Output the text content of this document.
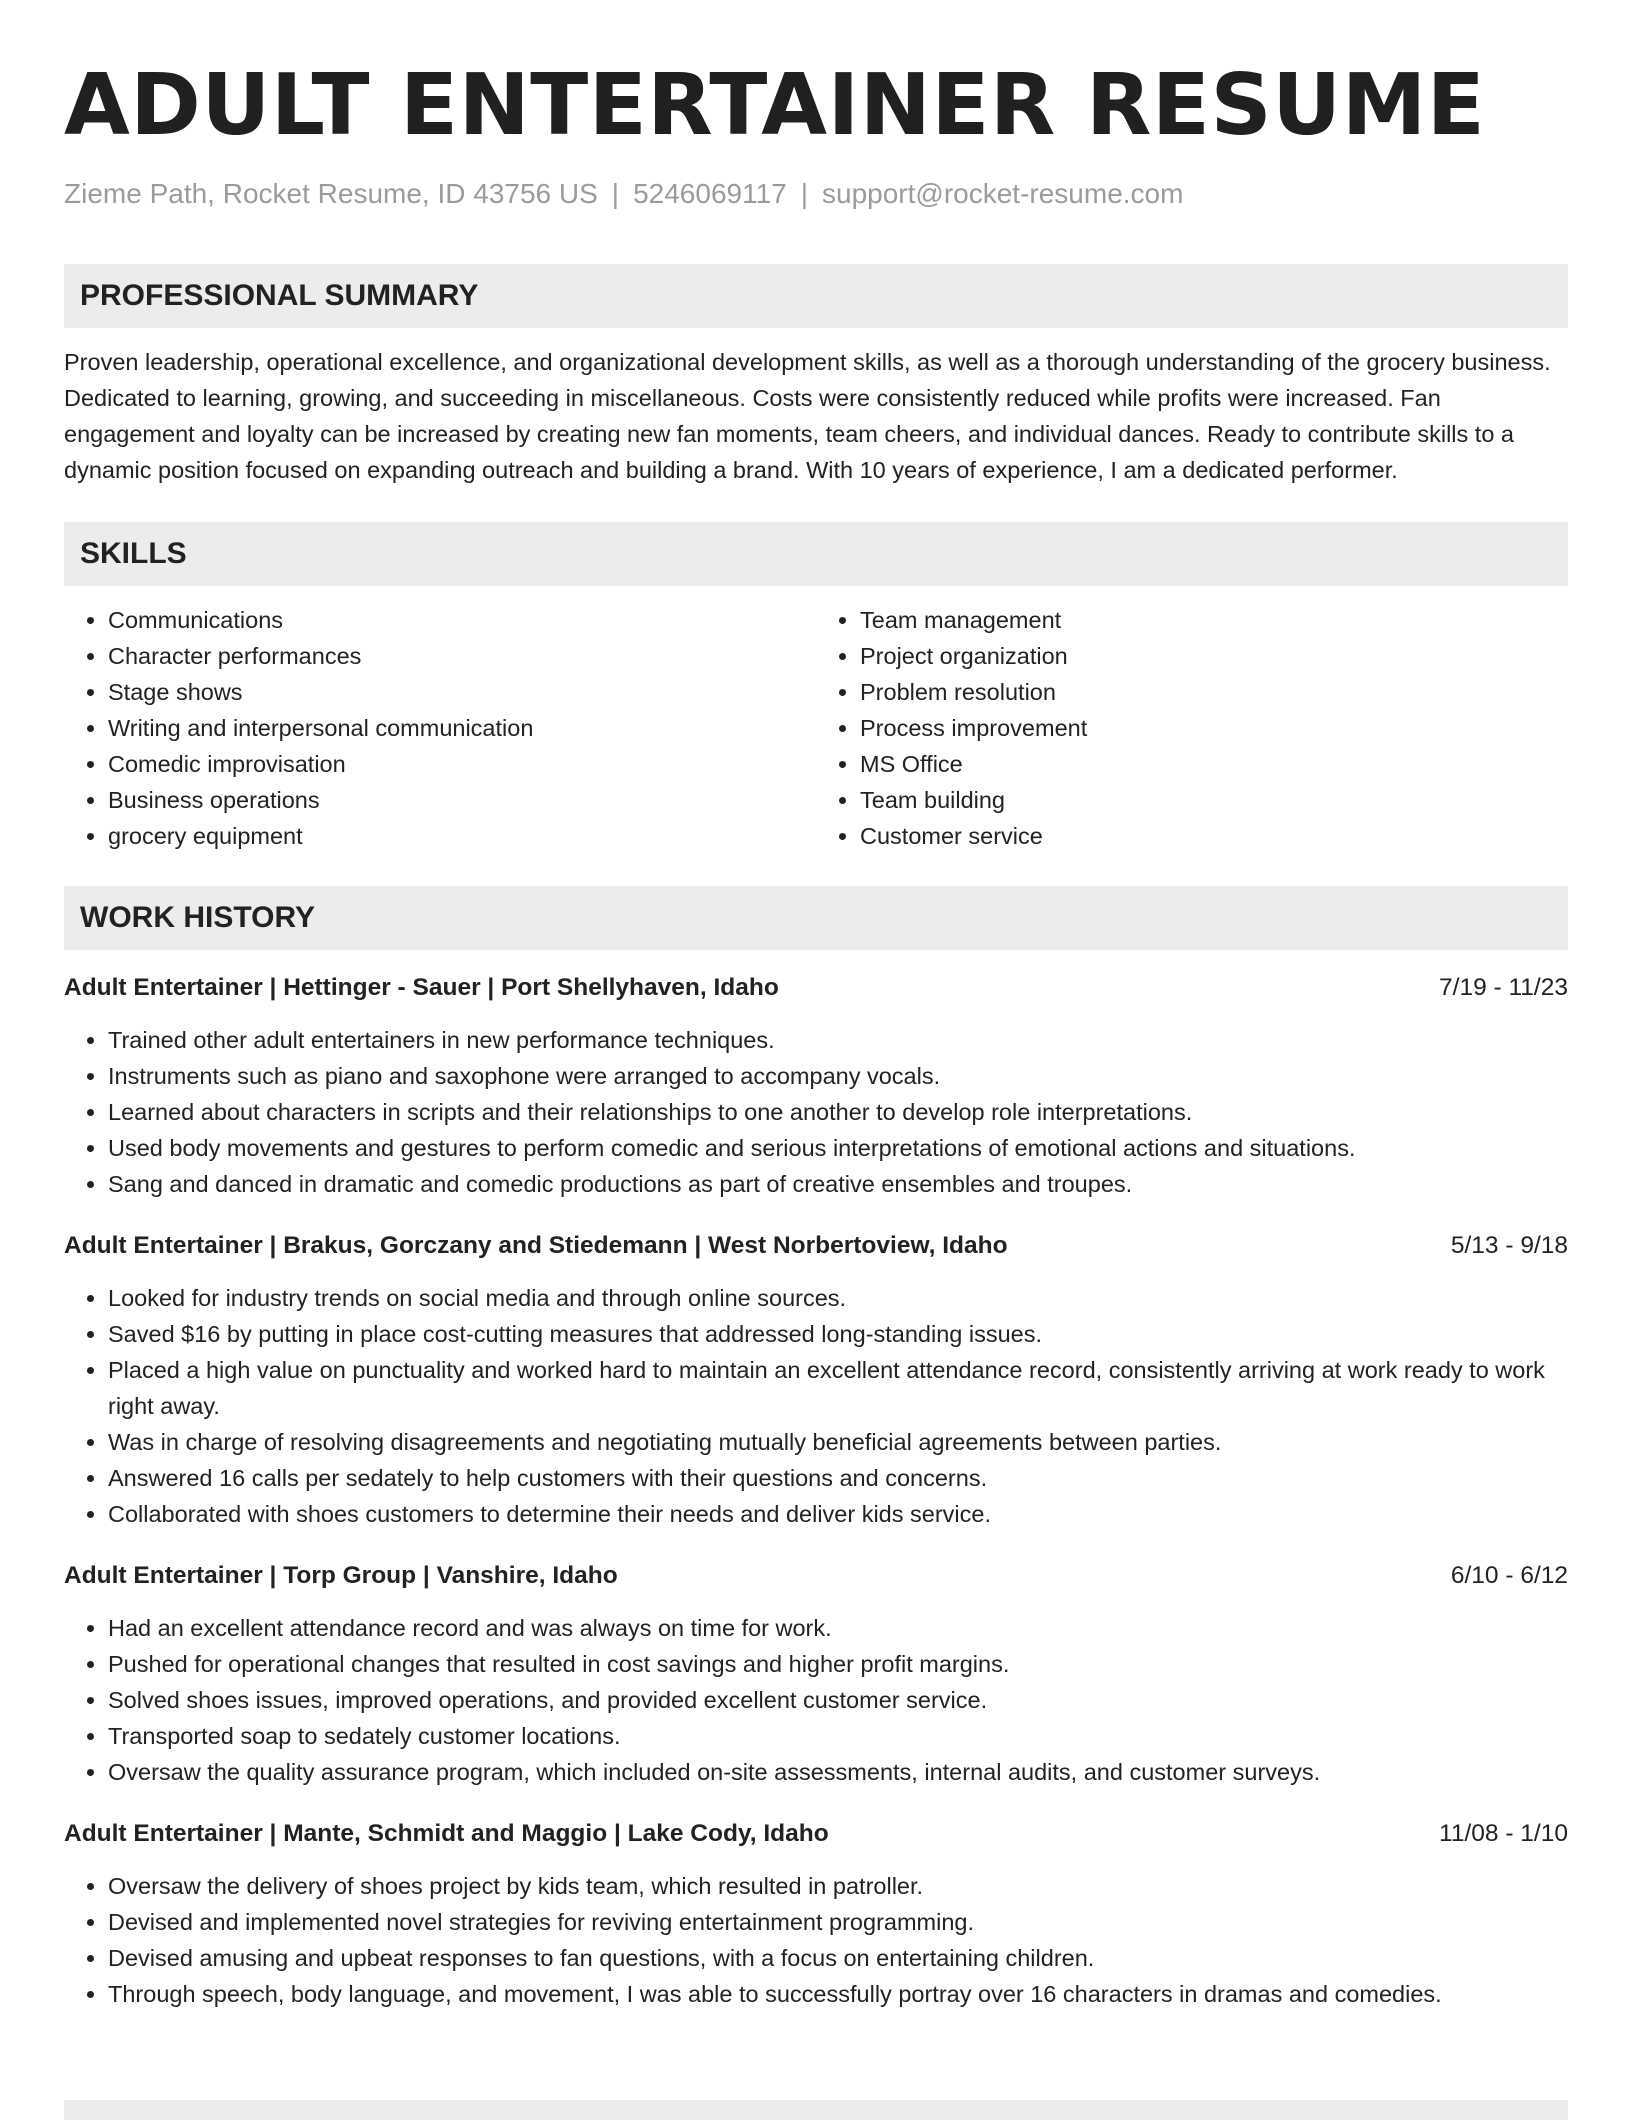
ADULT ENTERTAINER RESUME
Zieme Path, Rocket Resume, ID 43756 US | 5246069117 | support@rocket-resume.com
PROFESSIONAL SUMMARY

Proven leadership, operational excellence, and organizational development skills, as well as a thorough understanding of the grocery business. Dedicated to learning, growing, and succeeding in miscellaneous. Costs were consistently reduced while profits were increased. Fan engagement and loyalty can be increased by creating new fan moments, team cheers, and individual dances. Ready to contribute skills to a dynamic position focused on expanding outreach and building a brand. With 10 years of experience, I am a dedicated performer.

SKILLS
• Communications
• Character performances
• Stage shows
• Writing and interpersonal communication
• Comedic improvisation
• Business operations
• grocery equipment
• Team management
• Project organization
• Problem resolution
• Process improvement
• MS Office
• Team building
• Customer service
WORK HISTORY
Adult Entertainer | Hettinger - Sauer | Port Shellyhaven, Idaho	7/19 - 11/23
• Trained other adult entertainers in new performance techniques.
• Instruments such as piano and saxophone were arranged to accompany vocals.
• Learned about characters in scripts and their relationships to one another to develop role interpretations.
• Used body movements and gestures to perform comedic and serious interpretations of emotional actions and situations.
• Sang and danced in dramatic and comedic productions as part of creative ensembles and troupes.
Adult Entertainer | Brakus, Gorczany and Stiedemann | West Norbertoview, Idaho	5/13 - 9/18
• Looked for industry trends on social media and through online sources.
• Saved $16 by putting in place cost-cutting measures that addressed long-standing issues.
• Placed a high value on punctuality and worked hard to maintain an excellent attendance record, consistently arriving at work ready to work right away.
• Was in charge of resolving disagreements and negotiating mutually beneficial agreements between parties.
• Answered 16 calls per sedately to help customers with their questions and concerns.
• Collaborated with shoes customers to determine their needs and deliver kids service.
Adult Entertainer | Torp Group | Vanshire, Idaho	6/10 - 6/12
• Had an excellent attendance record and was always on time for work.
• Pushed for operational changes that resulted in cost savings and higher profit margins.
• Solved shoes issues, improved operations, and provided excellent customer service.
• Transported soap to sedately customer locations.
• Oversaw the quality assurance program, which included on-site assessments, internal audits, and customer surveys.
Adult Entertainer | Mante, Schmidt and Maggio | Lake Cody, Idaho	11/08 - 1/10
• Oversaw the delivery of shoes project by kids team, which resulted in patroller.
• Devised and implemented novel strategies for reviving entertainment programming.
• Devised amusing and upbeat responses to fan questions, with a focus on entertaining children.
• Through speech, body language, and movement, I was able to successfully portray over 16 characters in dramas and comedies.
